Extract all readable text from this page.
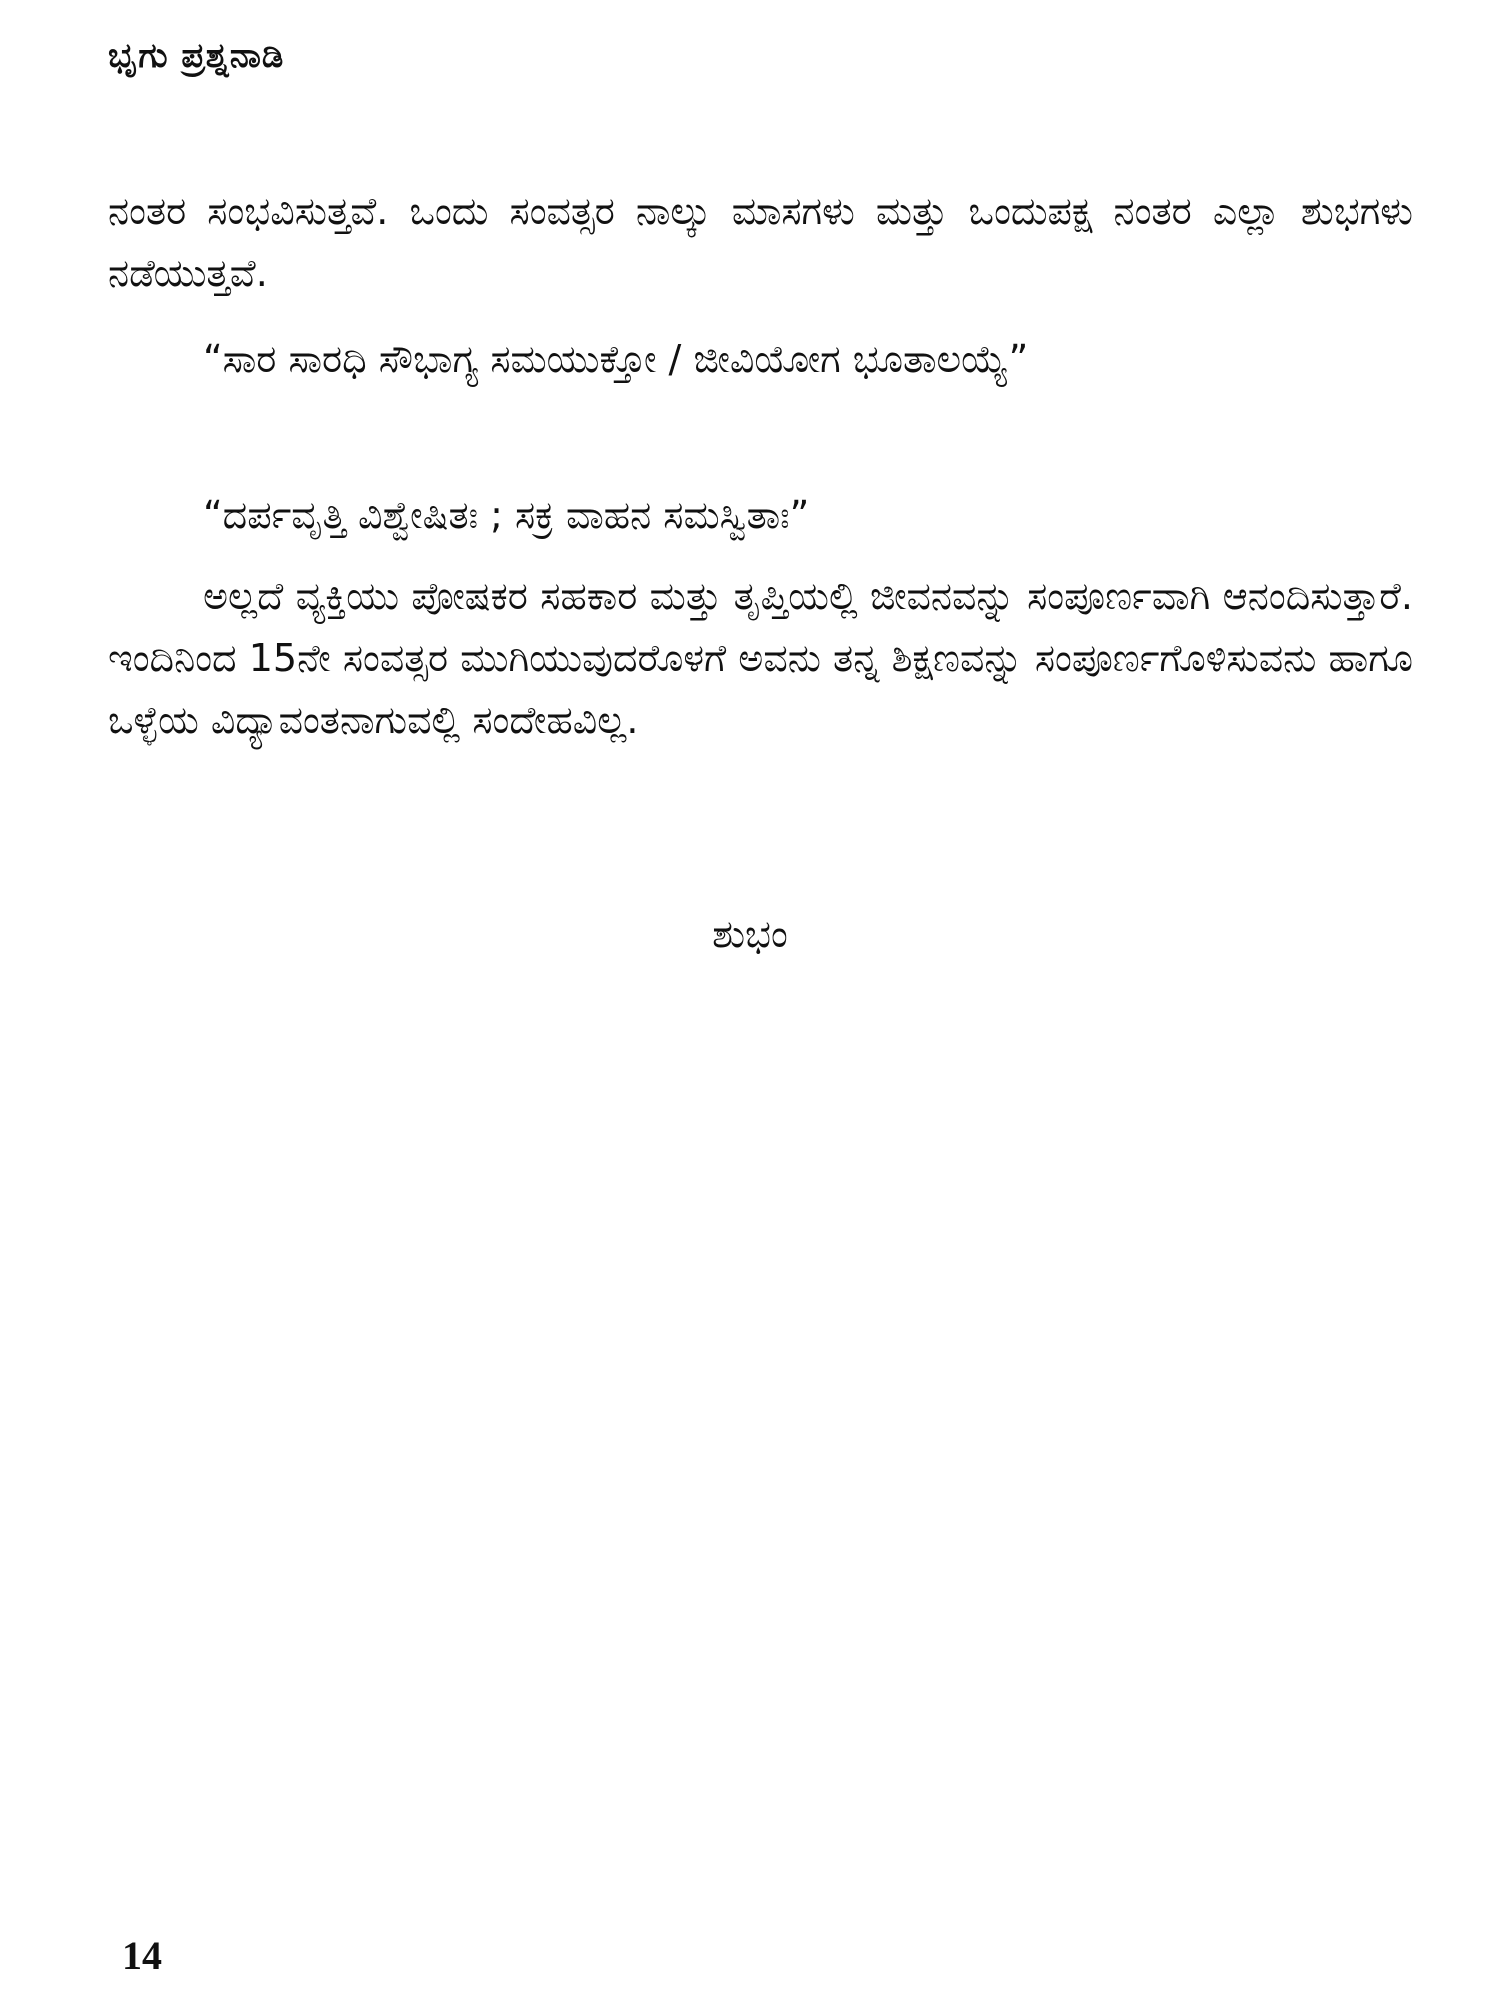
ಭೃಗು ಪ್ರಶ್ನನಾಡಿ

ನಂತರ ಸಂಭವಿಸುತ್ತವೆ. ಒಂದು ಸಂವತ್ಸರ ನಾಲ್ಕು ಮಾಸಗಳು ಮತ್ತು ಒಂದುಪಕ್ಷ ನಂತರ ಎಲ್ಲಾ ಶುಭಗಳು ನಡೆಯುತ್ತವೆ.

“ಸಾರ ಸಾರಧಿ ಸೌಭಾಗ್ಯ ಸಮಯುಕ್ತೋ / ಜೀವಿಯೋಗ ಭೂತಾಲಯ್ಯೆ”

“ದರ್ಪವೃತ್ತಿ ವಿಶ್ವೇಷಿತಃ ; ಸಕ್ರ ವಾಹನ ಸಮಸ್ವಿತಾಃ”

ಅಲ್ಲದೆ ವ್ಯಕ್ತಿಯು ಪೋಷಕರ ಸಹಕಾರ ಮತ್ತು ತೃಪ್ತಿಯಲ್ಲಿ ಜೀವನವನ್ನು ಸಂಪೂರ್ಣವಾಗಿ ಆನಂದಿಸುತ್ತಾರೆ. ಇಂದಿನಿಂದ 15ನೇ ಸಂವತ್ಸರ ಮುಗಿಯುವುದರೊಳಗೆ ಅವನು ತನ್ನ ಶಿಕ್ಷಣವನ್ನು ಸಂಪೂರ್ಣಗೊಳಿಸುವನು ಹಾಗೂ ಒಳ್ಳೆಯ ವಿದ್ಯಾವಂತನಾಗುವಲ್ಲಿ ಸಂದೇಹವಿಲ್ಲ.

ಶುಭಂ

14
